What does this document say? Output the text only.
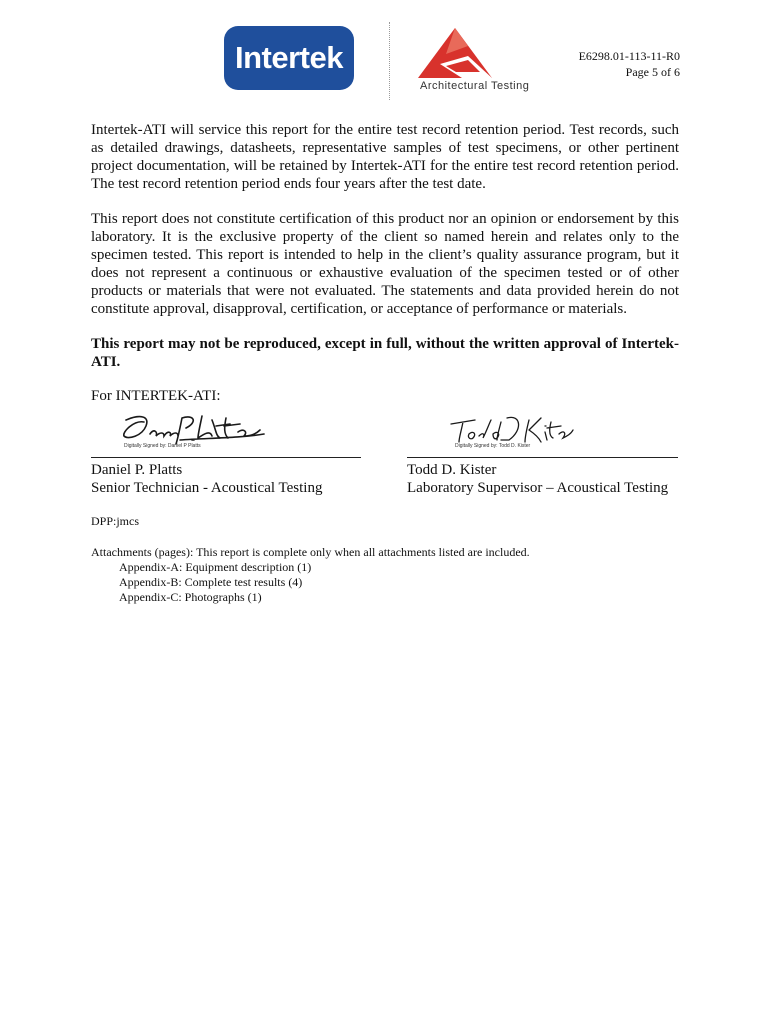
Intertek
Architectural Testing
E6298.01-113-11-R0
Page 5 of 6
Intertek-ATI will service this report for the entire test record retention period. Test records, such as detailed drawings, datasheets, representative samples of test specimens, or other pertinent project documentation, will be retained by Intertek-ATI for the entire test record retention period. The test record retention period ends four years after the test date.
This report does not constitute certification of this product nor an opinion or endorsement by this laboratory. It is the exclusive property of the client so named herein and relates only to the specimen tested. This report is intended to help in the client’s quality assurance program, but it does not represent a continuous or exhaustive evaluation of the specimen tested or of other products or materials that were not evaluated. The statements and data provided herein do not constitute approval, disapproval, certification, or acceptance of performance or materials.
This report may not be reproduced, except in full, without the written approval of Intertek-ATI.
For INTERTEK-ATI:
Digitally Signed by: Daniel P Platts	Digitally Signed by: Todd D. Kister
Daniel P. Platts
Senior Technician - Acoustical Testing
Todd D. Kister
Laboratory Supervisor – Acoustical Testing
DPP:jmcs
Attachments (pages): This report is complete only when all attachments listed are included.
Appendix-A: Equipment description (1)
Appendix-B: Complete test results (4)
Appendix-C: Photographs (1)
